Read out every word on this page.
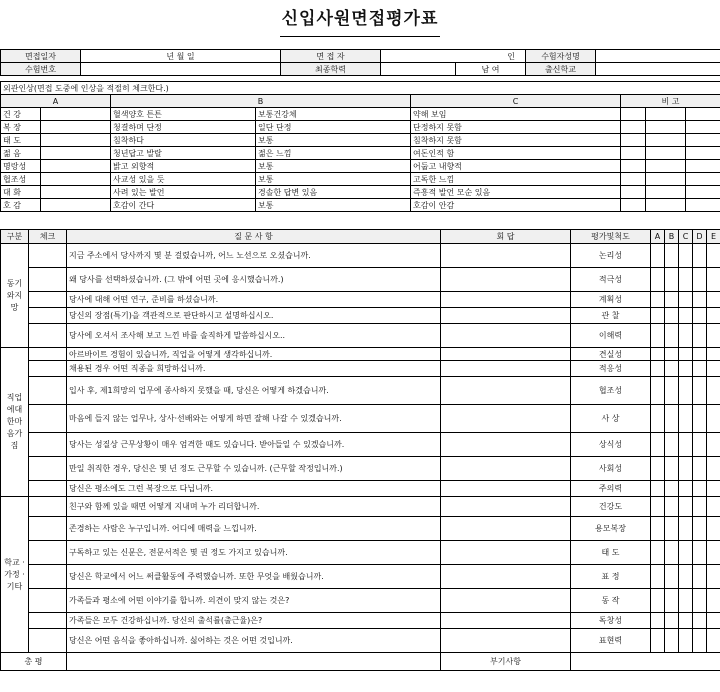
신입사원면접평가표
면접일자	년 월 일	면 접 자	인		수험자성명	
수험번호		최종학력		남 여	출신학교	
외관인상(면접 도중에 인상을 적절히 체크한다.)							
A		B		C	비 고		
건 강		혈색양호 튼튼	보통건강체	약해 보임			
복 장		청결하며 단정	일단 단정	단정하지 못함			
태 도		침착하다	보통	침착하지 못함			
젊 음		청년답고 발랄	젊은 느낌	여돈인적 함			
명랑성		밝고 외향적	보통	어둡고 내향적			
협조성		사교성 있을 듯	보통	고독한 느낌			
대 화		사려 있는 발언	경솔한 답변 있음	즉흥적 발언 모순 있음			
호 감		호감이 간다	보통	호감이 안감			
구분	체크	질 문 사 항	회 답	평가및척도	A	B	C	D	E
동기 와지 망		지금 주소에서 당사까지 몇 분 걸렸습니까, 어느 노선으로 오셨습니까.		논리성					
		왜 당사를 선택하셨습니까. (그 밖에 어떤 곳에 응시했습니까.)		적극성					
		당사에 대해 어떤 연구, 준비를 하셨습니까.		계획성					
		당신의 장점(특기)을 객관적으로 판단하시고 설명하십시오.		관 찰					
		당사에 오셔서 조사해 보고 느낀 바를 솔직하게 말씀하십시오..		이해력					
직업 에대 한마 음가 짐		아르바이트 경험이 있습니까, 직업을 어떻게 생각하십니까.		견실성					
		채용된 경우 어떤 직종을 희망하십니까.		적응성					
		입사 후, 제1희망의 업무에 종사하지 못했을 때, 당신은 어떻게 하겠습니까.		협조성					
		마음에 들지 않는 업무나, 상사·선배와는 어떻게 하면 잘해 나갈 수 있겠습니까.		사 상					
		당사는 성질상 근무상황이 매우 엄격한 때도 있습니다. 받아들일 수 있겠습니까.		상식성					
		만일 취직한 경우, 당신은 몇 년 정도 근무할 수 있습니까. (근무할 작정입니까.)		사회성					
		당신은 평소에도 그런 복장으로 다닙니까.		주의력					
학교 · 가정 · 기타		친구와 함께 있을 때면 어떻게 지내며 누가 리더합니까.		건강도					
		존경하는 사람은 누구입니까. 어디에 매력을 느낍니까.		용모복장					
		구독하고 있는 신문은, 전문서적은 몇 권 정도 가지고 있습니까.		태 도					
		당신은 학교에서 어느 써클활동에 주력했습니까. 또한 무엇을 배웠습니까.		표 정					
		가족들과 평소에 어떤 이야기를 합니까. 의견이 맞지 않는 것은?		동 작					
		가족들은 모두 건강하십니까. 당신의 출석률(출근율)은?		독창성					
		당신은 어떤 음식을 좋아하십니까. 싫어하는 것은 어떤 것입니까.		표현력					
총 평			부기사항						
